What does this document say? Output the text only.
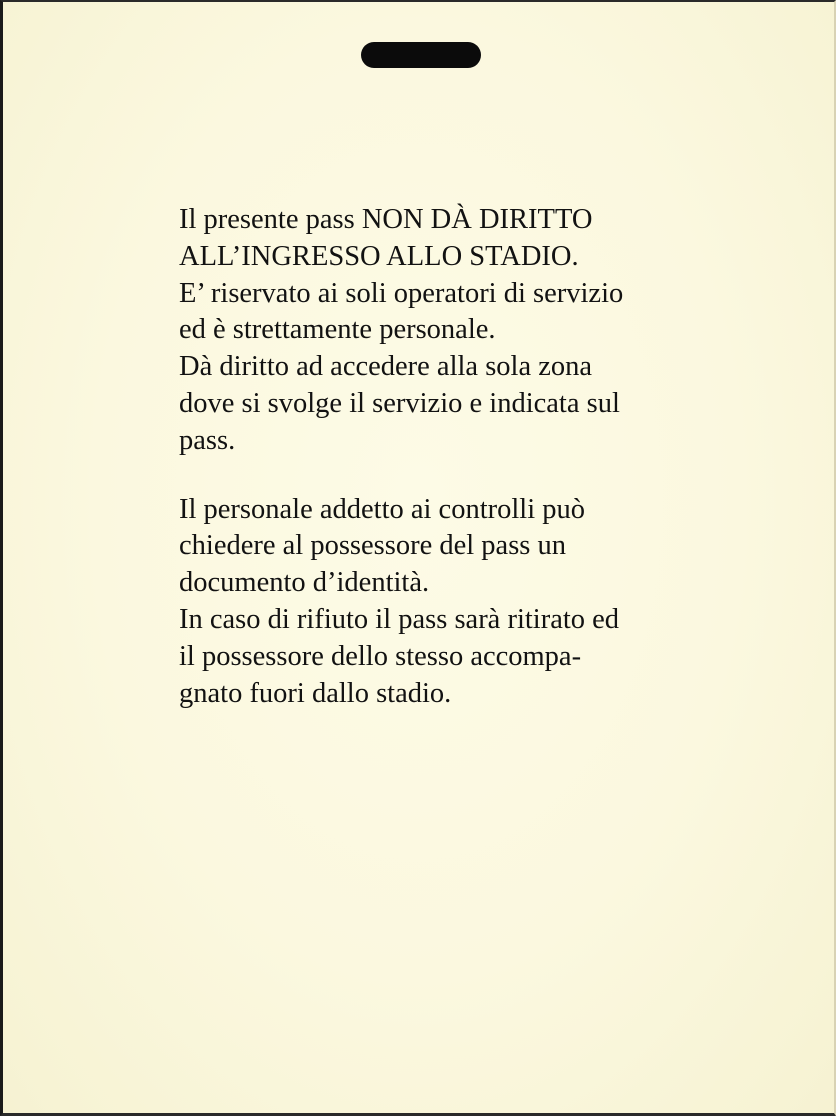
Il presente pass NON DÀ DIRITTO
ALL’INGRESSO ALLO STADIO.

E’ riservato ai soli operatori di servizio
ed è strettamente personale.

Dà diritto ad accedere alla sola zona
dove si svolge il servizio e indicata sul
pass.

Il personale addetto ai controlli può
chiedere al possessore del pass un
documento d’identità.

In caso di rifiuto il pass sarà ritirato ed
il possessore dello stesso accompa-
gnato fuori dallo stadio.
